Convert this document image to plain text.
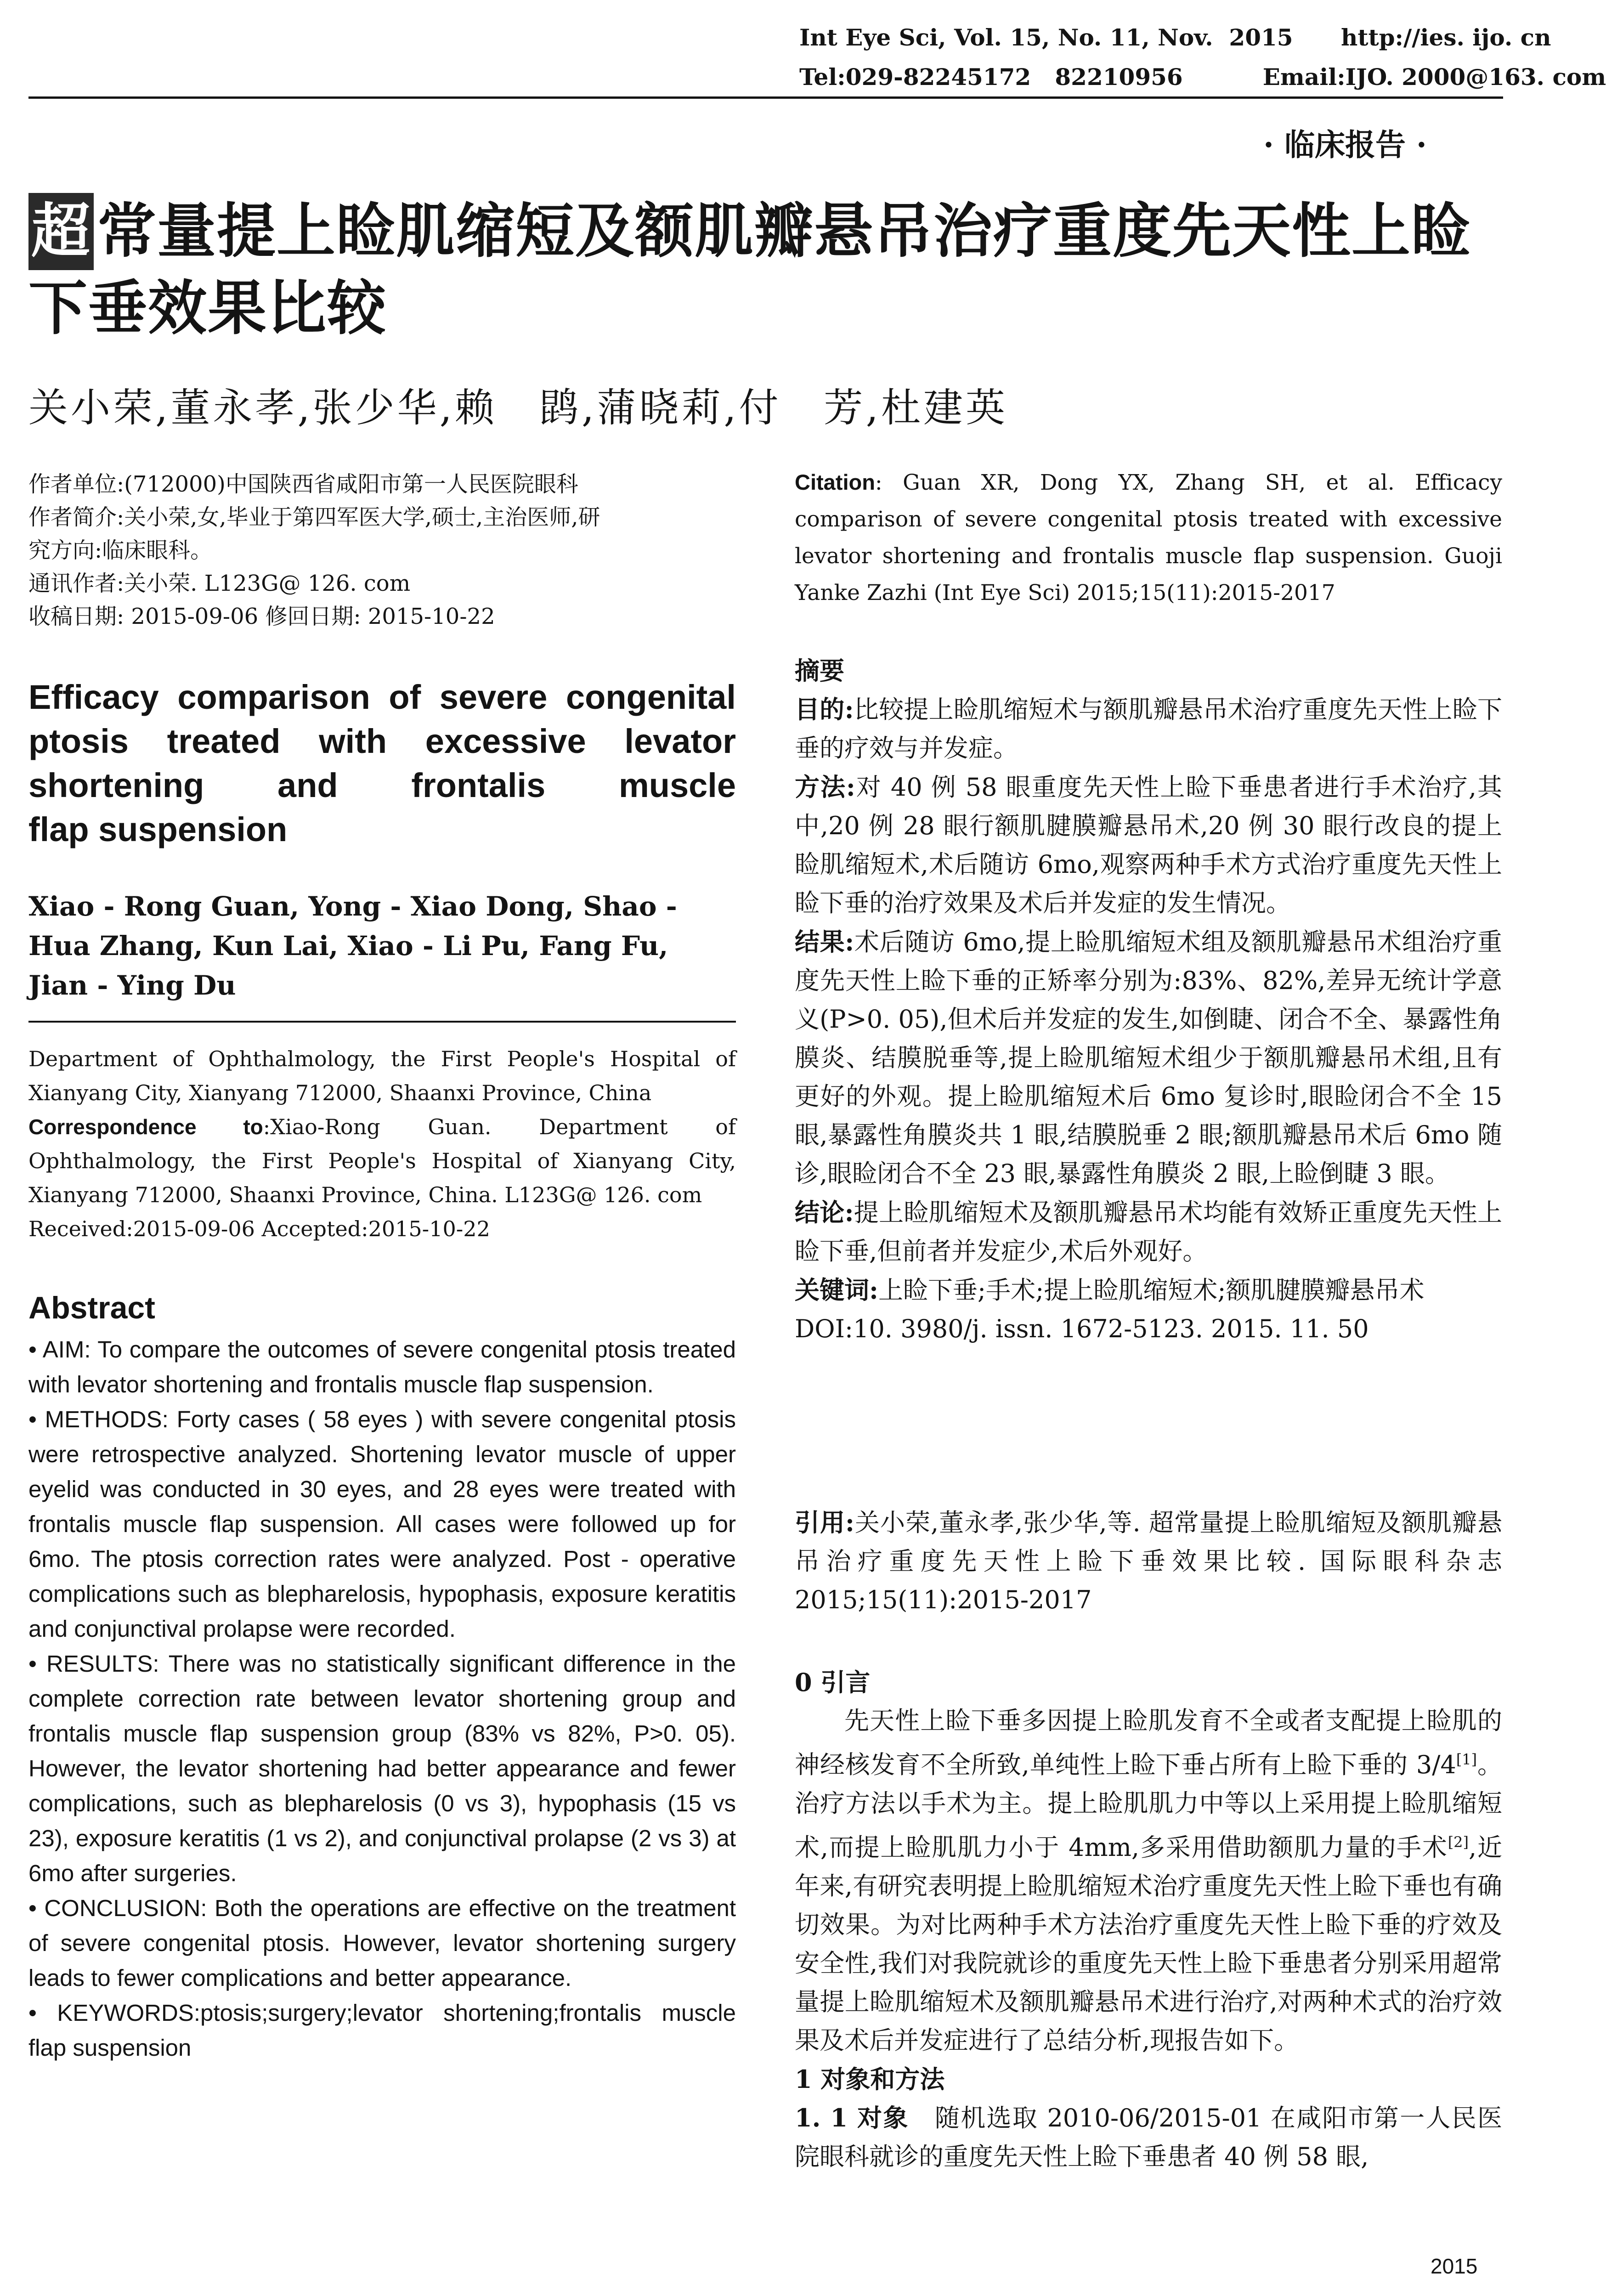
Int Eye Sci, Vol. 15, No. 11, Nov.  2015      http://ies. ijo. cn
Tel:029-82245172   82210956          Email:IJO. 2000@163. com
· 临床报告 ·
超 常量提上睑肌缩短及额肌瓣悬吊治疗重度先天性上睑
下垂效果比较
关小荣,董永孝,张少华,赖　鹍,蒲晓莉,付　芳,杜建英
作者单位:(712000)中国陕西省咸阳市第一人民医院眼科
作者简介:关小荣,女,毕业于第四军医大学,硕士,主治医师,研
究方向:临床眼科。
通讯作者:关小荣. L123G@ 126. com
收稿日期: 2015-09-06 修回日期: 2015-10-22
Efficacy comparison of severe congenital
ptosis treated with excessive levator
shortening and frontalis muscle
flap suspension
Xiao - Rong Guan, Yong - Xiao Dong, Shao - Hua Zhang, Kun Lai, Xiao - Li Pu, Fang Fu, Jian - Ying Du
Department of Ophthalmology, the First People's Hospital of Xianyang City, Xianyang 712000, Shaanxi Province, China
Correspondence to:Xiao-Rong Guan. Department of Ophthalmology, the First People's Hospital of Xianyang City, Xianyang 712000, Shaanxi Province, China. L123G@ 126. com
Received:2015-09-06 Accepted:2015-10-22
Abstract

• AIM: To compare the outcomes of severe congenital ptosis treated with levator shortening and frontalis muscle flap suspension.

• METHODS: Forty cases ( 58 eyes ) with severe congenital ptosis were retrospective analyzed. Shortening levator muscle of upper eyelid was conducted in 30 eyes, and 28 eyes were treated with frontalis muscle flap suspension. All cases were followed up for 6mo. The ptosis correction rates were analyzed. Post - operative complications such as blepharelosis, hypophasis, exposure keratitis and conjunctival prolapse were recorded.

• RESULTS: There was no statistically significant difference in the complete correction rate between levator shortening group and frontalis muscle flap suspension group (83% vs 82%, P>0. 05). However, the levator shortening had better appearance and fewer complications, such as blepharelosis (0 vs 3), hypophasis (15 vs 23), exposure keratitis (1 vs 2), and conjunctival prolapse (2 vs 3) at 6mo after surgeries.

• CONCLUSION: Both the operations are effective on the treatment of severe congenital ptosis. However, levator shortening surgery leads to fewer complications and better appearance.

• KEYWORDS:ptosis;surgery;levator shortening;frontalis muscle flap suspension

Citation: Guan XR, Dong YX, Zhang SH, et al. Efficacy comparison of severe congenital ptosis treated with excessive levator shortening and frontalis muscle flap suspension. Guoji Yanke Zazhi (Int Eye Sci) 2015;15(11):2015-2017

摘要

目的:比较提上睑肌缩短术与额肌瓣悬吊术治疗重度先天性上睑下垂的疗效与并发症。

方法:对 40 例 58 眼重度先天性上睑下垂患者进行手术治疗,其中,20 例 28 眼行额肌腱膜瓣悬吊术,20 例 30 眼行改良的提上睑肌缩短术,术后随访 6mo,观察两种手术方式治疗重度先天性上睑下垂的治疗效果及术后并发症的发生情况。

结果:术后随访 6mo,提上睑肌缩短术组及额肌瓣悬吊术组治疗重度先天性上睑下垂的正矫率分别为:83%、82%,差异无统计学意义(P>0. 05),但术后并发症的发生,如倒睫、闭合不全、暴露性角膜炎、结膜脱垂等,提上睑肌缩短术组少于额肌瓣悬吊术组,且有更好的外观。提上睑肌缩短术后 6mo 复诊时,眼睑闭合不全 15 眼,暴露性角膜炎共 1 眼,结膜脱垂 2 眼;额肌瓣悬吊术后 6mo 随诊,眼睑闭合不全 23 眼,暴露性角膜炎 2 眼,上睑倒睫 3 眼。

结论:提上睑肌缩短术及额肌瓣悬吊术均能有效矫正重度先天性上睑下垂,但前者并发症少,术后外观好。

关键词:上睑下垂;手术;提上睑肌缩短术;额肌腱膜瓣悬吊术

DOI:10. 3980/j. issn. 1672-5123. 2015. 11. 50

引用:关小荣,董永孝,张少华,等. 超常量提上睑肌缩短及额肌瓣悬吊治疗重度先天性上睑下垂效果比较. 国际眼科杂志 2015;15(11):2015-2017

0 引言

先天性上睑下垂多因提上睑肌发育不全或者支配提上睑肌的神经核发育不全所致,单纯性上睑下垂占所有上睑下垂的 3/4[1]。治疗方法以手术为主。提上睑肌肌力中等以上采用提上睑肌缩短术,而提上睑肌肌力小于 4mm,多采用借助额肌力量的手术[2],近年来,有研究表明提上睑肌缩短术治疗重度先天性上睑下垂也有确切效果。为对比两种手术方法治疗重度先天性上睑下垂的疗效及安全性,我们对我院就诊的重度先天性上睑下垂患者分别采用超常量提上睑肌缩短术及额肌瓣悬吊术进行治疗,对两种术式的治疗效果及术后并发症进行了总结分析,现报告如下。

1 对象和方法

1. 1 对象　 随机选取 2010-06/2015-01 在咸阳市第一人民医院眼科就诊的重度先天性上睑下垂患者 40 例 58 眼,

2015
